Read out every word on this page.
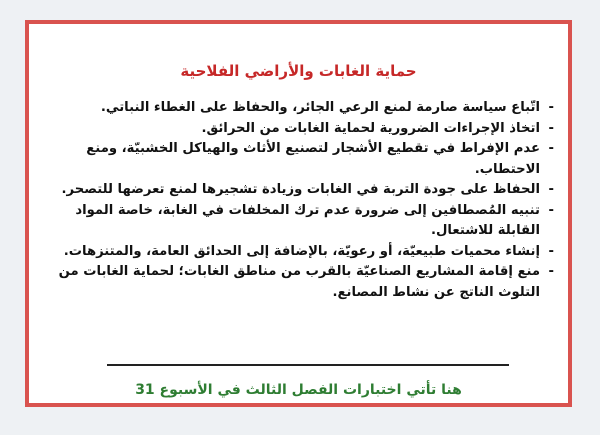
حماية الغابات والأراضي الفلاحية
- اتّباع سياسة صارمة لمنع الرعي الجائر، والحفاظ على الغطاء النباتي.
- اتخاذ الإجراءات الضرورية لحماية الغابات من الحرائق.
- عدم الإفراط في تقطيع الأشجار لتصنيع الأثاث والهياكل الخشبيّة، ومنع الاحتطاب.
- الحفاظ على جودة التربة في الغابات وزيادة تشجيرها لمنع تعرضها للتصحر.
- تنبيه المُصطافين إلى ضرورة عدم ترك المخلفات في الغابة، خاصة المواد القابلة للاشتعال.
- إنشاء محميات طبيعيّة، أو رعويّة، بالإضافة إلى الحدائق العامة، والمتنزهات.
- منع إقامة المشاريع الصناعيّة بالقرب من مناطق الغابات؛ لحماية الغابات من التلوث الناتج عن نشاط المصانع.
هنا تأتي اختبارات الفصل الثالث في الأسبوع 31
